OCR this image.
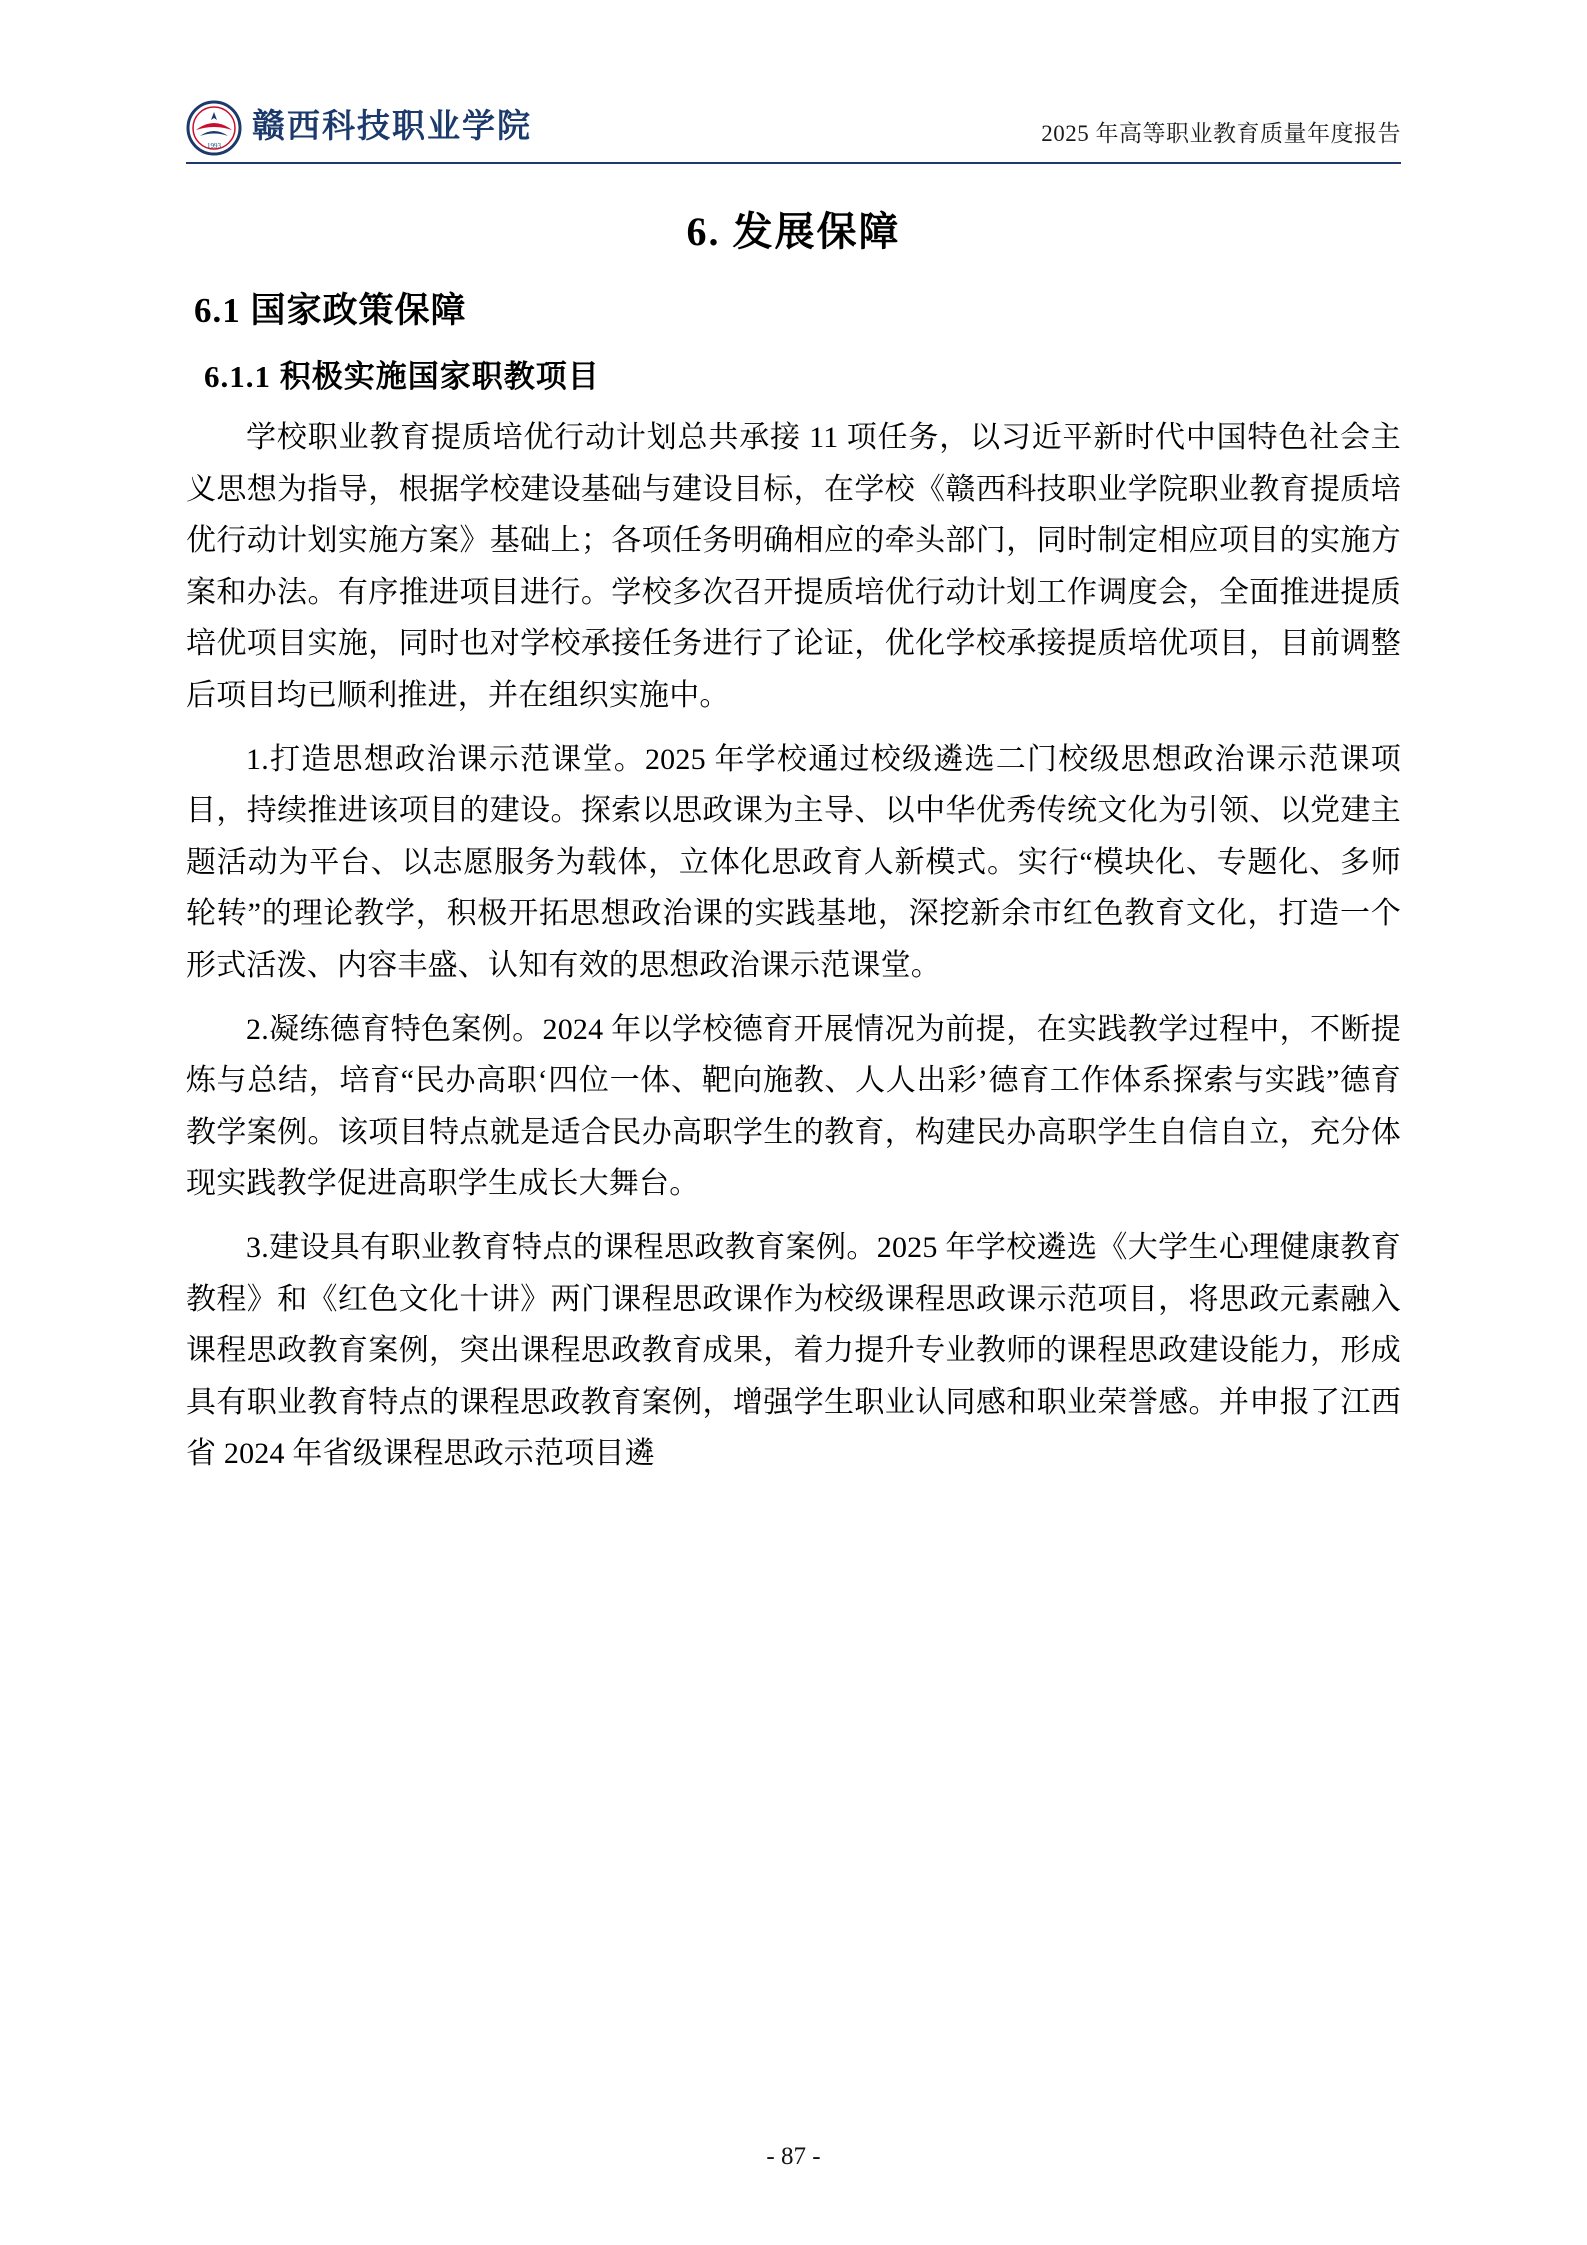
1993
赣西科技职业学院	2025 年高等职业教育质量年度报告
6. 发展保障
6.1 国家政策保障
6.1.1 积极实施国家职教项目

学校职业教育提质培优行动计划总共承接 11 项任务，以习近平新时代中国特色社会主义思想为指导，根据学校建设基础与建设目标，在学校《赣西科技职业学院职业教育提质培优行动计划实施方案》基础上；各项任务明确相应的牵头部门，同时制定相应项目的实施方案和办法。有序推进项目进行。学校多次召开提质培优行动计划工作调度会，全面推进提质培优项目实施，同时也对学校承接任务进行了论证，优化学校承接提质培优项目，目前调整后项目均已顺利推进，并在组织实施中。

1.打造思想政治课示范课堂。2025 年学校通过校级遴选二门校级思想政治课示范课项目，持续推进该项目的建设。探索以思政课为主导、以中华优秀传统文化为引领、以党建主题活动为平台、以志愿服务为载体，立体化思政育人新模式。实行“模块化、专题化、多师轮转”的理论教学，积极开拓思想政治课的实践基地，深挖新余市红色教育文化，打造一个形式活泼、内容丰盛、认知有效的思想政治课示范课堂。

2.凝练德育特色案例。2024 年以学校德育开展情况为前提，在实践教学过程中，不断提炼与总结，培育“民办高职‘四位一体、靶向施教、人人出彩’德育工作体系探索与实践”德育教学案例。该项目特点就是适合民办高职学生的教育，构建民办高职学生自信自立，充分体现实践教学促进高职学生成长大舞台。

3.建设具有职业教育特点的课程思政教育案例。2025 年学校遴选《大学生心理健康教育教程》和《红色文化十讲》两门课程思政课作为校级课程思政课示范项目，将思政元素融入课程思政教育案例，突出课程思政教育成果，着力提升专业教师的课程思政建设能力，形成具有职业教育特点的课程思政教育案例，增强学生职业认同感和职业荣誉感。并申报了江西省 2024 年省级课程思政示范项目遴

- 87 -
